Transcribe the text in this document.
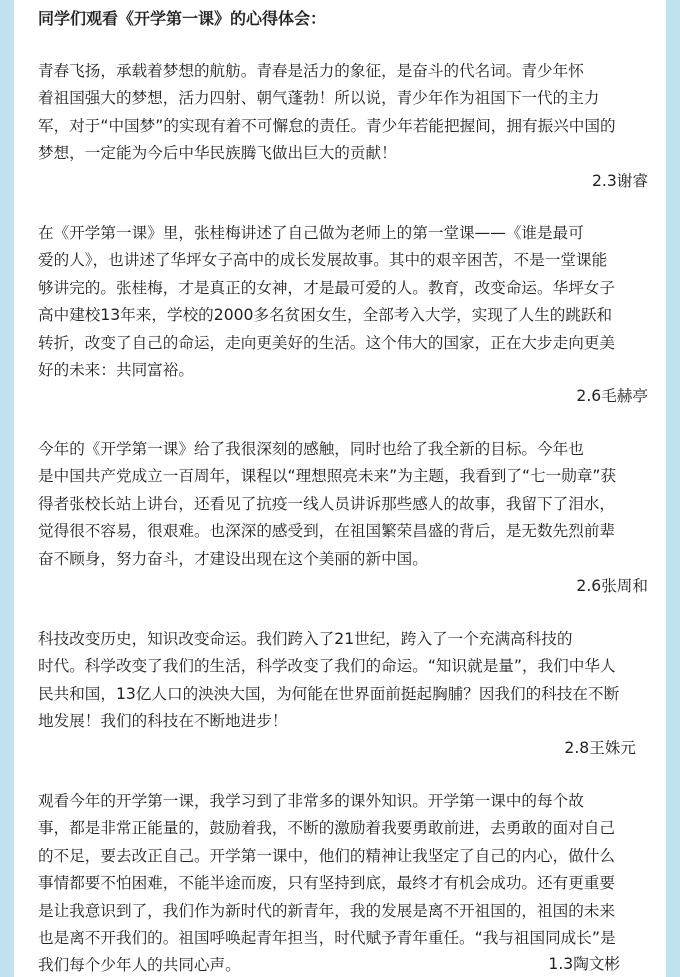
同学们观看《开学第一课》的心得体会：
青春飞扬，承载着梦想的航舫。青春是活力的象征，是奋斗的代名词。青少年怀
着祖国强大的梦想，活力四射、朝气蓬勃！所以说，青少年作为祖国下一代的主力
军，对于“中国梦”的实现有着不可懈怠的责任。青少年若能把握间，拥有振兴中国的
梦想，一定能为今后中华民族腾飞做出巨大的贡献！
2.3谢睿
在《开学第一课》里，张桂梅讲述了自己做为老师上的第一堂课——《谁是最可
爱的人》，也讲述了华坪女子高中的成长发展故事。其中的艰辛困苦，不是一堂课能
够讲完的。张桂梅，才是真正的女神，才是最可爱的人。教育，改变命运。华坪女子
高中建校13年来，学校的2000多名贫困女生，全部考入大学，实现了人生的跳跃和
转折，改变了自己的命运，走向更美好的生活。这个伟大的国家，正在大步走向更美
好的未来：共同富裕。
2.6毛赫亭
今年的《开学第一课》给了我很深刻的感触，同时也给了我全新的目标。今年也
是中国共产党成立一百周年，课程以“理想照亮未来”为主题，我看到了“七一勋章”获
得者张校长站上讲台，还看见了抗疫一线人员讲诉那些感人的故事，我留下了泪水，
觉得很不容易，很艰难。也深深的感受到，在祖国繁荣昌盛的背后，是无数先烈前辈
奋不顾身，努力奋斗，才建设出现在这个美丽的新中国。
2.6张周和
科技改变历史，知识改变命运。我们跨入了21世纪，跨入了一个充满高科技的
时代。科学改变了我们的生活，科学改变了我们的命运。“知识就是量”，我们中华人
民共和国，13亿人口的泱泱大国，为何能在世界面前挺起胸脯？因我们的科技在不断
地发展！我们的科技在不断地进步！
2.8王姝元
观看今年的开学第一课，我学习到了非常多的课外知识。开学第一课中的每个故
事，都是非常正能量的，鼓励着我，不断的激励着我要勇敢前进，去勇敢的面对自己
的不足，要去改正自己。开学第一课中，他们的精神让我坚定了自己的内心，做什么
事情都要不怕困难，不能半途而废，只有坚持到底，最终才有机会成功。还有更重要
是让我意识到了，我们作为新时代的新青年，我的发展是离不开祖国的，祖国的未来
也是离不开我们的。祖国呼唤起青年担当，时代赋予青年重任。“我与祖国同成长”是
我们每个少年人的共同心声。	1.3陶文彬
